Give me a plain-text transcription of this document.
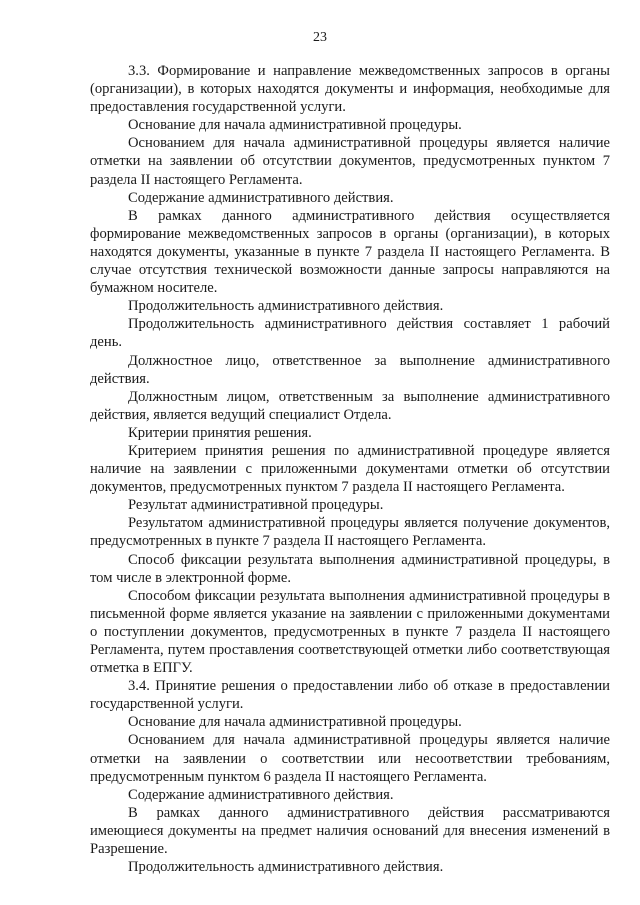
23

3.3. Формирование и направление межведомственных запросов в органы (организации), в которых находятся документы и информация, необходимые для предоставления государственной услуги.

Основание для начала административной процедуры.

Основанием для начала административной процедуры является наличие отметки на заявлении об отсутствии документов, предусмотренных пунктом 7 раздела II настоящего Регламента.

Содержание административного действия.

В рамках данного административного действия осуществляется формирование межведомственных запросов в органы (организации), в которых находятся документы, указанные в пункте 7 раздела II настоящего Регламента. В случае отсутствия технической возможности данные запросы направляются на бумажном носителе.

Продолжительность административного действия.

Продолжительность административного действия составляет 1 рабочий день.

Должностное лицо, ответственное за выполнение административного действия.

Должностным лицом, ответственным за выполнение административного действия, является ведущий специалист Отдела.

Критерии принятия решения.

Критерием принятия решения по административной процедуре является наличие на заявлении с приложенными документами отметки об отсутствии документов, предусмотренных пунктом 7 раздела II настоящего Регламента.

Результат административной процедуры.

Результатом административной процедуры является получение документов, предусмотренных в пункте 7 раздела II настоящего Регламента.

Способ фиксации результата выполнения административной процедуры, в том числе в электронной форме.

Способом фиксации результата выполнения административной процедуры в письменной форме является указание на заявлении с приложенными документами о поступлении документов, предусмотренных в пункте 7 раздела II настоящего Регламента, путем проставления соответствующей отметки либо соответствующая отметка в ЕПГУ.

3.4. Принятие решения о предоставлении либо об отказе в предоставлении государственной услуги.

Основание для начала административной процедуры.

Основанием для начала административной процедуры является наличие отметки на заявлении о соответствии или несоответствии требованиям, предусмотренным пунктом 6 раздела II настоящего Регламента.

Содержание административного действия.

В рамках данного административного действия рассматриваются имеющиеся документы на предмет наличия оснований для внесения изменений в Разрешение.

Продолжительность административного действия.
